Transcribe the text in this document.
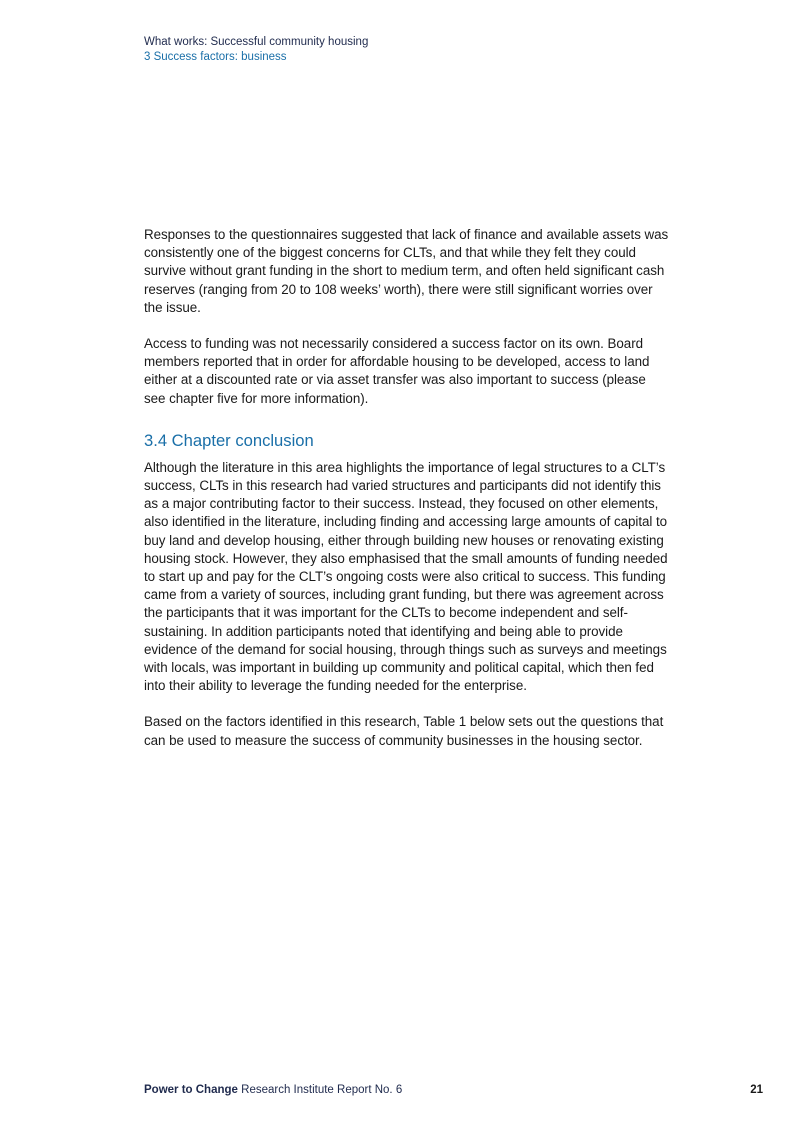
What works: Successful community housing
3 Success factors: business

Responses to the questionnaires suggested that lack of finance and available assets was consistently one of the biggest concerns for CLTs, and that while they felt they could survive without grant funding in the short to medium term, and often held significant cash reserves (ranging from 20 to 108 weeks’ worth), there were still significant worries over the issue.

Access to funding was not necessarily considered a success factor on its own. Board members reported that in order for affordable housing to be developed, access to land either at a discounted rate or via asset transfer was also important to success (please see chapter five for more information).

3.4 Chapter conclusion

Although the literature in this area highlights the importance of legal structures to a CLT’s success, CLTs in this research had varied structures and participants did not identify this as a major contributing factor to their success. Instead, they focused on other elements, also identified in the literature, including finding and accessing large amounts of capital to buy land and develop housing, either through building new houses or renovating existing housing stock. However, they also emphasised that the small amounts of funding needed to start up and pay for the CLT’s ongoing costs were also critical to success. This funding came from a variety of sources, including grant funding, but there was agreement across the participants that it was important for the CLTs to become independent and self-sustaining. In addition participants noted that identifying and being able to provide evidence of the demand for social housing, through things such as surveys and meetings with locals, was important in building up community and political capital, which then fed into their ability to leverage the funding needed for the enterprise.

Based on the factors identified in this research, Table 1 below sets out the questions that can be used to measure the success of community businesses in the housing sector.

Power to Change Research Institute Report No. 6	21
